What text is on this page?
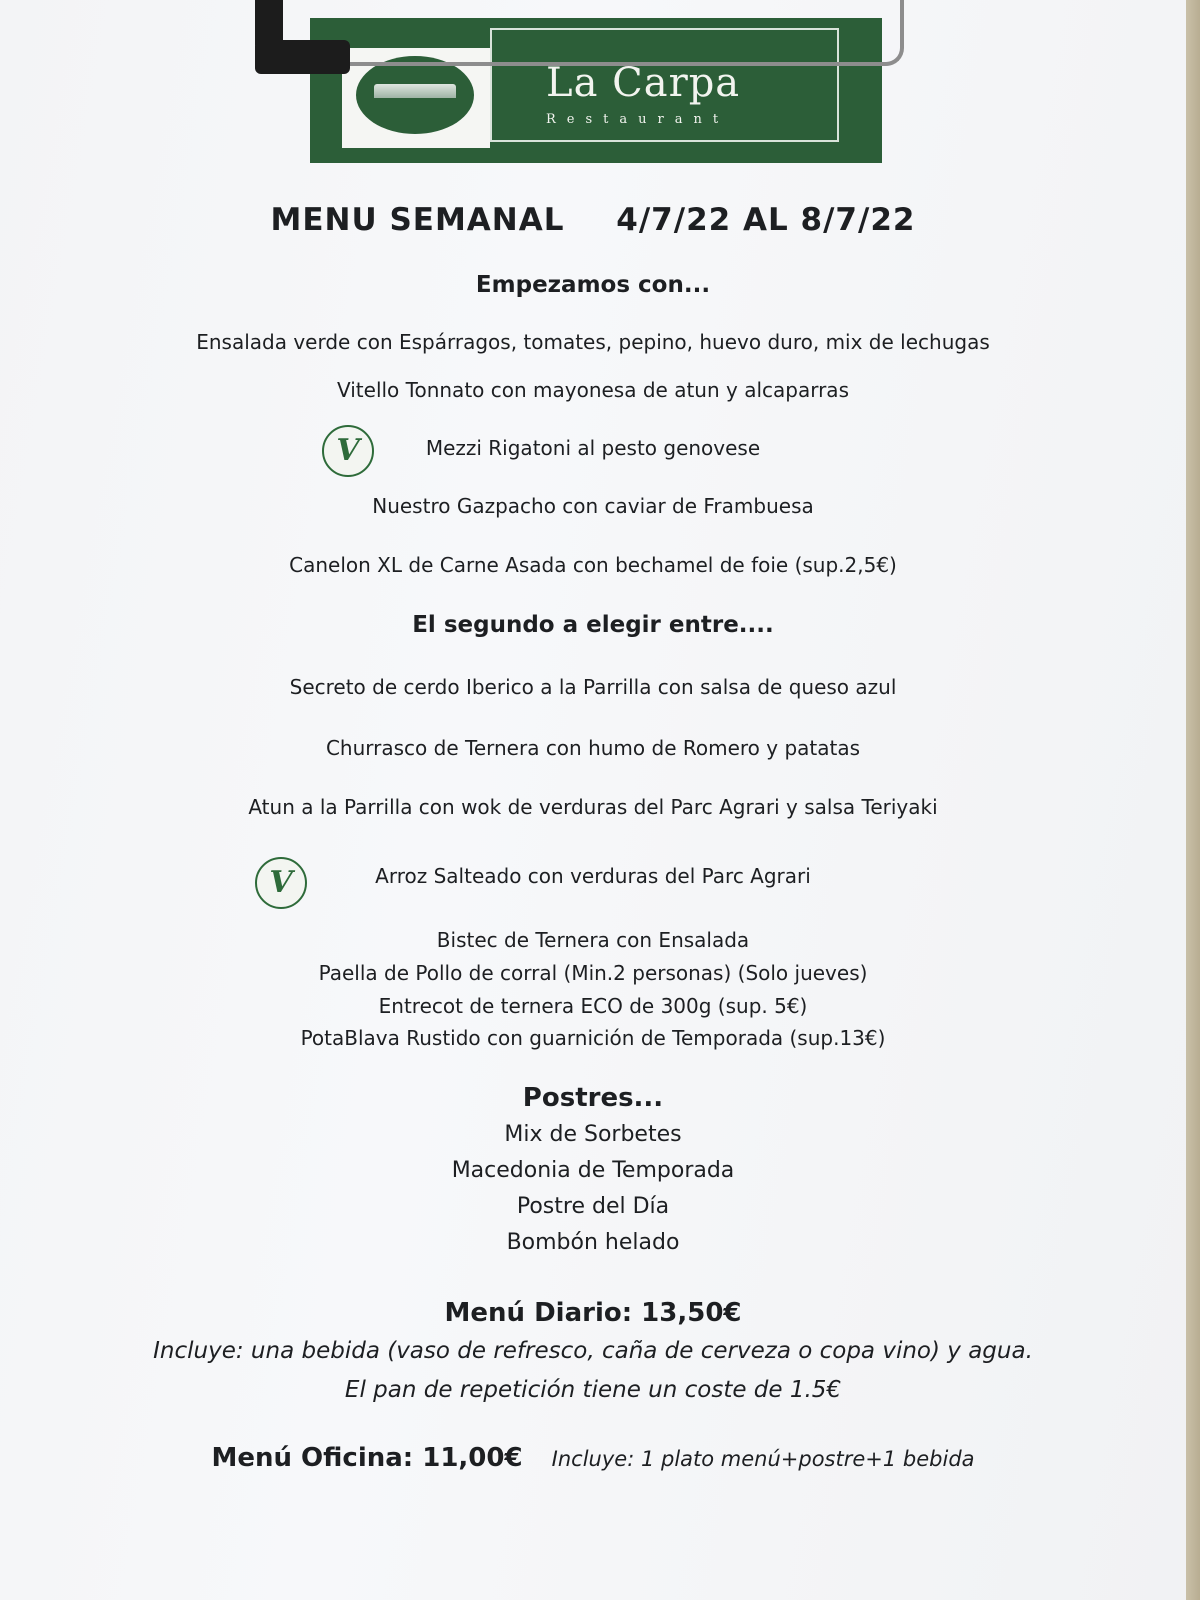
La Carpa
Restaurant
MENU SEMANAL 4/7/22 AL 8/7/22
Empezamos con...
Ensalada verde con Espárragos, tomates, pepino, huevo duro, mix de lechugas
Vitello Tonnato con mayonesa de atun y alcaparras
V	Mezzi Rigatoni al pesto genovese
Nuestro Gazpacho con caviar de Frambuesa
Canelon XL de Carne Asada con bechamel de foie (sup.2,5€)
El segundo a elegir entre....
Secreto de cerdo Iberico a la Parrilla con salsa de queso azul
Churrasco de Ternera con humo de Romero y patatas
Atun a la Parrilla con wok de verduras del Parc Agrari y salsa Teriyaki
V	Arroz Salteado con verduras del Parc Agrari
Bistec de Ternera con Ensalada
Paella de Pollo de corral (Min.2 personas) (Solo jueves)
Entrecot de ternera ECO de 300g (sup. 5€)
PotaBlava Rustido con guarnición de Temporada (sup.13€)
Postres...
Mix de Sorbetes
Macedonia de Temporada
Postre del Día
Bombón helado
Menú Diario: 13,50€
Incluye: una bebida (vaso de refresco, caña de cerveza o copa vino) y agua.
El pan de repetición tiene un coste de 1.5€
Menú Oficina: 11,00€ Incluye: 1 plato menú+postre+1 bebida
